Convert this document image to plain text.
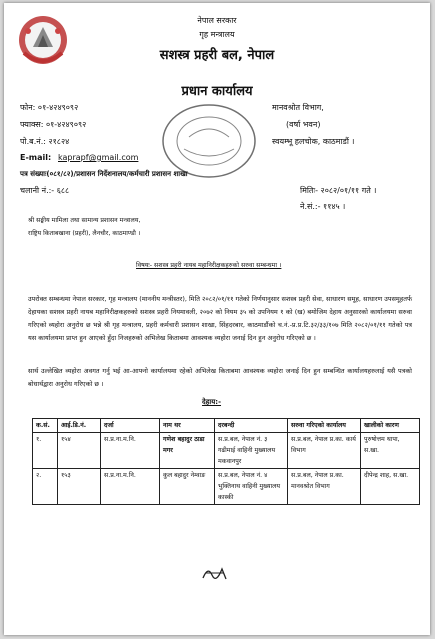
नेपाल सरकार
गृह मन्त्रालय
सशस्त्र प्रहरी बल, नेपाल
प्रधान कार्यालय
फोन: ०१-४२४९०९२
फ्याक्स: ०१-४२४९०९२
पो.ब.नं.: २१८२४
E-mail: kaprapf@gmail.com
मानवश्रोत विभाग,
(वर्षा भवन)
स्वयम्भू हलचोक, काठमाडौं ।
पत्र संख्याः(०८१/८२)/प्रशासन निर्देशनालय/कर्मचारी प्रशासन शाखा
चलानी नं.:- ६८८	मितिः- २०८२/०१/११ गते ।
ने.सं.:- ११४५ ।
श्री सङ्घीय मामिला तथा सामान्य प्रशासन मन्त्रालय,
राष्ट्रिय किताबखाना (प्रहरी), लैनचौर, काठमाण्डौ ।
विषयः- सशस्त्र प्रहरी नायब महानिरीक्षकहरुको सरुवा सम्बन्धमा ।
उपरोक्त सम्बन्धमा नेपाल सरकार, गृह मन्त्रालय (माननीय मन्त्रीस्तर), मिति २०८२/०१/११ गतेको निर्णयानुसार सशस्त्र प्रहरी सेवा, साधारण समूह, साधारण उपसमूहतर्फ देहायका सशस्त्र प्रहरी नायब महानिरीक्षकहरुको सशस्त्र प्रहरी नियमावली, २०७२ को नियम ३५ को उपनियम १ को (ख) बमोजिम देहाय अनुसारको कार्यालयमा सरुवा गरिएको व्यहोरा अनुरोध छ भन्ने श्री गृह मन्त्रालय, प्रहरी कर्मचारी प्रशासन शाखा, सिंहदरबार, काठमाडौंको च.नं.-प्र.प्र.टि.३२/३३/१०७ मिति २०८२/०१/११ गतेको पत्र यस कार्यालयमा प्राप्त हुन आएको हुँदा निजहरुको अभिलेख किताबमा आवश्यक व्यहोरा जनाई दिन हुन अनुरोध गरिएको छ ।
सार्थ उल्लेखित व्यहोरा अवगत गर्नु भई आ-आफ्नो कार्यालयमा रहेको अभिलेख किताबमा आवश्यक व्यहोरा जनाई दिन हुन सम्बन्धित कार्यालयहरुलाई यसै पत्रको बोधार्थद्वारा अनुरोध गरिएको छ ।
देहाय:-
क.सं.	आई.डि.नं.	दर्जा	नाम थर	दरबन्दी	सरुवा गरिएको कार्यालय	खालीको कारण
१.	१५४	स.प्र.ना.म.नि.	गणेश बहादुर ठाडा मगर	स.प्र.बल, नेपाल नं. ३ गढीमाई वाहिनी मुख्यालय मकवानपुर	स.प्र.बल, नेपाल प्र.का. कार्य विभाग	पुरुषोत्तम थापा, स.खा.
२.	१५३	स.प्र.ना.म.नि.	कुल बहादुर नेम्वाङ	स.प्र.बल, नेपाल नं. ४ भुक्तिनाथ वाहिनी मुख्यालय कास्की	स.प्र.बल, नेपाल प्र.का. मानवश्रोत विभाग	दीपेन्द्र शाह, स.खा.
